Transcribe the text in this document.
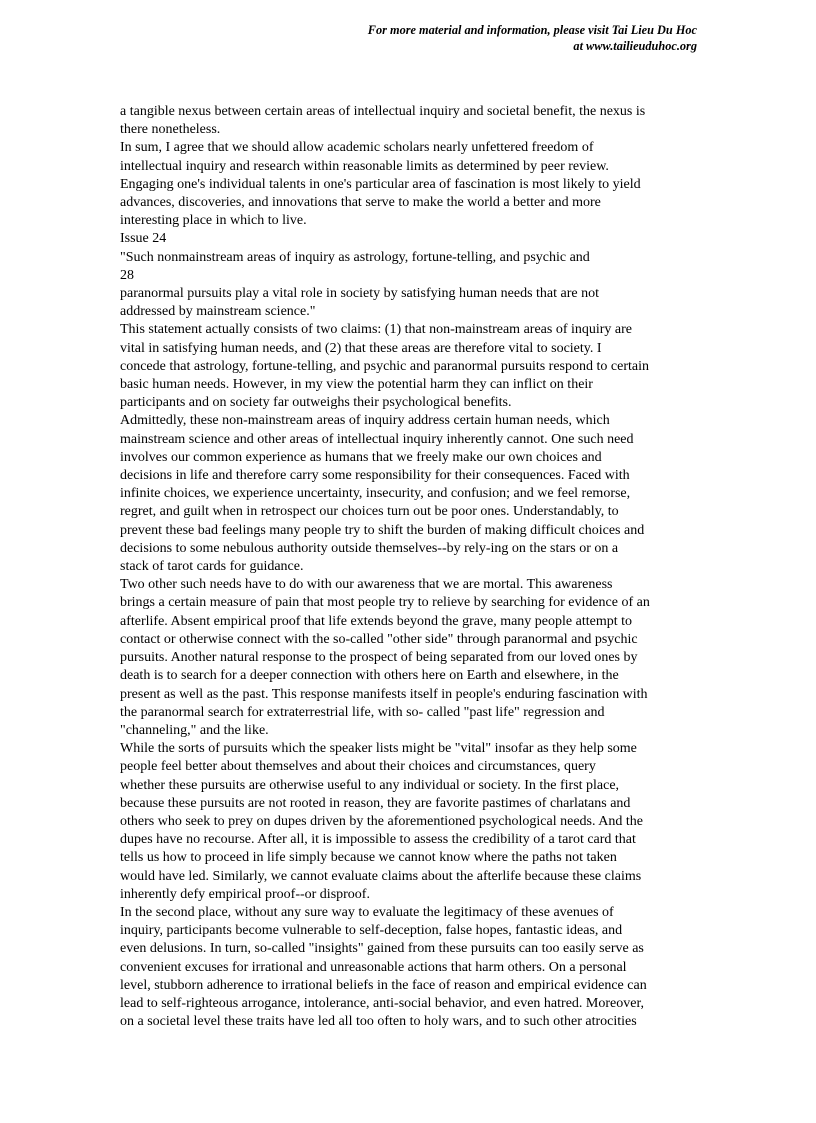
For more material and information, please visit Tai Lieu Du Hoc
at www.tailieuduhoc.org
a tangible nexus between certain areas of intellectual inquiry and societal benefit, the nexus is
there nonetheless.
In sum, I agree that we should allow academic scholars nearly unfettered freedom of
intellectual inquiry and research within reasonable limits as determined by peer review.
Engaging one's individual talents in one's particular area of fascination is most likely to yield
advances, discoveries, and innovations that serve to make the world a better and more
interesting place in which to live.
Issue 24
"Such nonmainstream areas of inquiry as astrology, fortune-telling, and psychic and
28
paranormal pursuits play a vital role in society by satisfying human needs that are not
addressed by mainstream science."
This statement actually consists of two claims: (1) that non-mainstream areas of inquiry are
vital in satisfying human needs, and (2) that these areas are therefore vital to society. I
concede that astrology, fortune-telling, and psychic and paranormal pursuits respond to certain
basic human needs. However, in my view the potential harm they can inflict on their
participants and on society far outweighs their psychological benefits.
Admittedly, these non-mainstream areas of inquiry address certain human needs, which
mainstream science and other areas of intellectual inquiry inherently cannot. One such need
involves our common experience as humans that we freely make our own choices and
decisions in life and therefore carry some responsibility for their consequences. Faced with
infinite choices, we experience uncertainty, insecurity, and confusion; and we feel remorse,
regret, and guilt when in retrospect our choices turn out be poor ones. Understandably, to
prevent these bad feelings many people try to shift the burden of making difficult choices and
decisions to some nebulous authority outside themselves--by rely-ing on the stars or on a
stack of tarot cards for guidance.
Two other such needs have to do with our awareness that we are mortal. This awareness
brings a certain measure of pain that most people try to relieve by searching for evidence of an
afterlife. Absent empirical proof that life extends beyond the grave, many people attempt to
contact or otherwise connect with the so-called "other side" through paranormal and psychic
pursuits. Another natural response to the prospect of being separated from our loved ones by
death is to search for a deeper connection with others here on Earth and elsewhere, in the
present as well as the past. This response manifests itself in people's enduring fascination with
the paranormal search for extraterrestrial life, with so- called "past life" regression and
"channeling," and the like.
While the sorts of pursuits which the speaker lists might be "vital" insofar as they help some
people feel better about themselves and about their choices and circumstances, query
whether these pursuits are otherwise useful to any individual or society. In the first place,
because these pursuits are not rooted in reason, they are favorite pastimes of charlatans and
others who seek to prey on dupes driven by the aforementioned psychological needs. And the
dupes have no recourse. After all, it is impossible to assess the credibility of a tarot card that
tells us how to proceed in life simply because we cannot know where the paths not taken
would have led. Similarly, we cannot evaluate claims about the afterlife because these claims
inherently defy empirical proof--or disproof.
In the second place, without any sure way to evaluate the legitimacy of these avenues of
inquiry, participants become vulnerable to self-deception, false hopes, fantastic ideas, and
even delusions. In turn, so-called "insights" gained from these pursuits can too easily serve as
convenient excuses for irrational and unreasonable actions that harm others. On a personal
level, stubborn adherence to irrational beliefs in the face of reason and empirical evidence can
lead to self-righteous arrogance, intolerance, anti-social behavior, and even hatred. Moreover,
on a societal level these traits have led all too often to holy wars, and to such other atrocities
